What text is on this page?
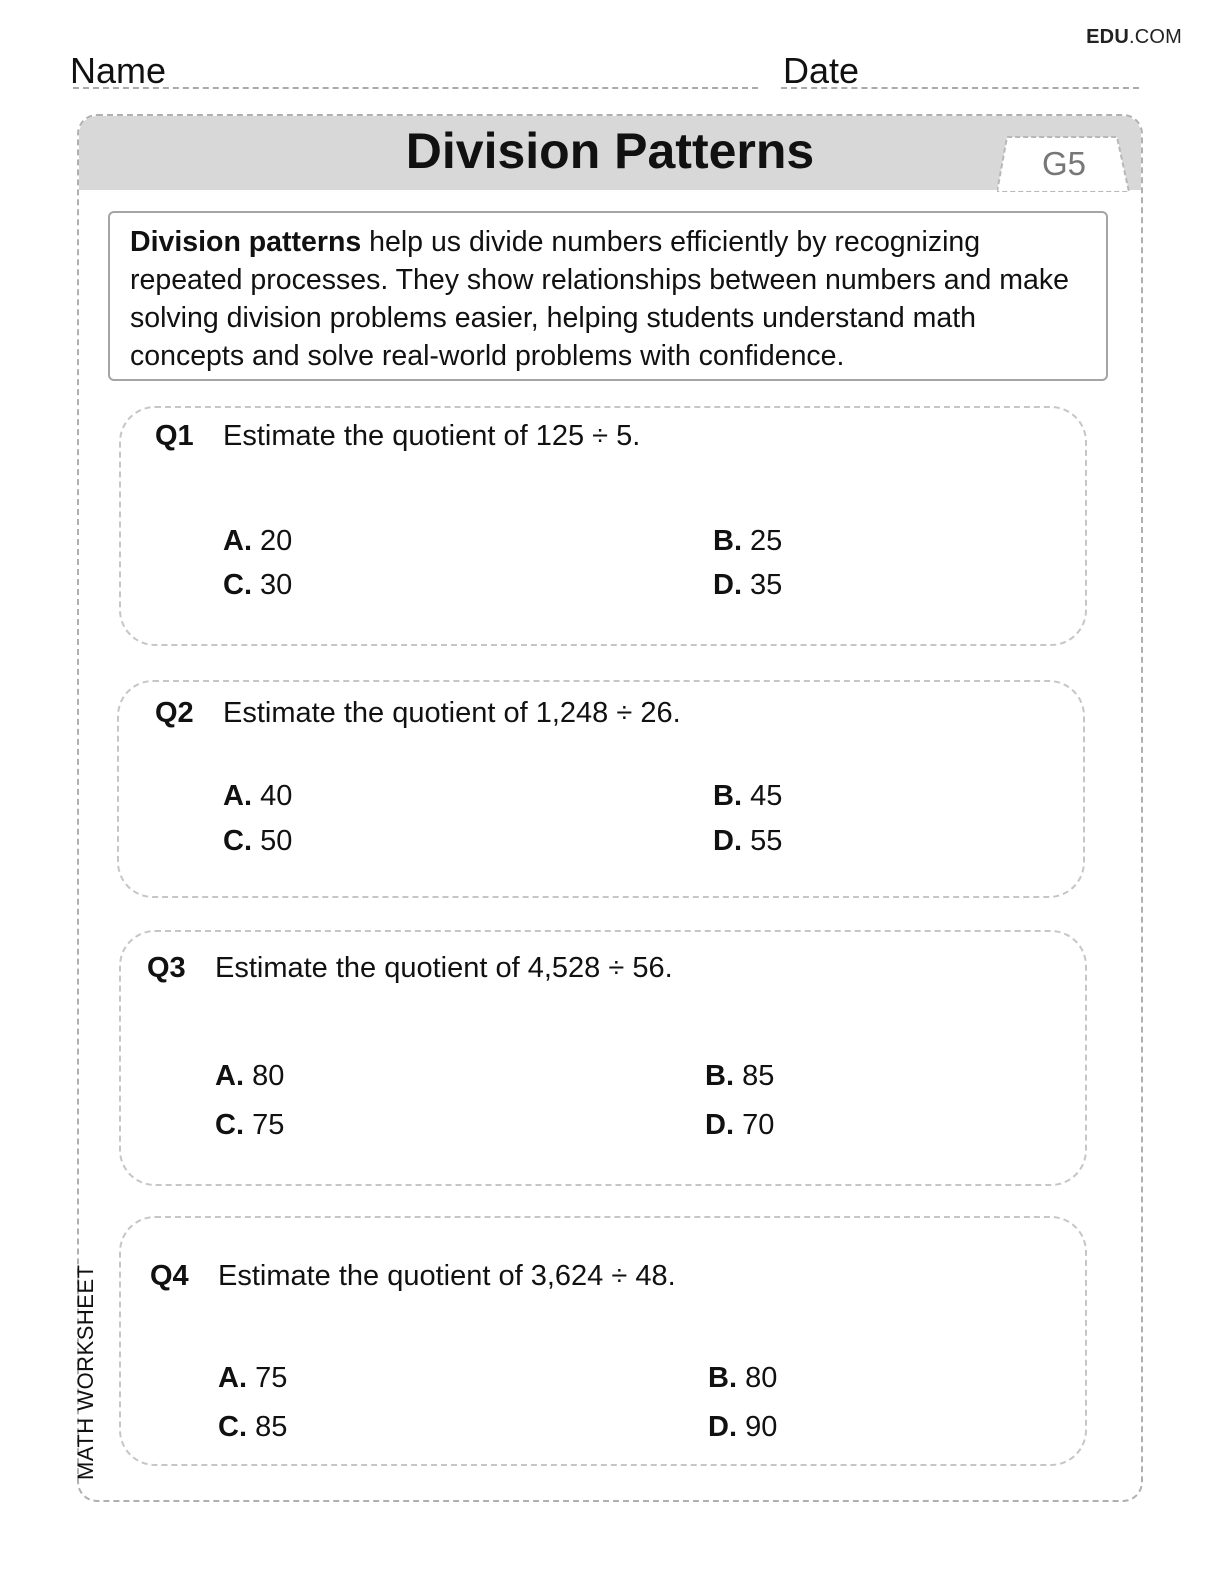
EDU.COM
Name	Date
Division Patterns	G5
Division patterns help us divide numbers efficiently by recognizing repeated processes. They show relationships between numbers and make solving division problems easier, helping students understand math concepts and solve real-world problems with confidence.
Q1 Estimate the quotient of 125 ÷ 5.
A. 20	B. 25
C. 30	D. 35
Q2 Estimate the quotient of 1,248 ÷ 26.
A. 40	B. 45
C. 50	D. 55
Q3 Estimate the quotient of 4,528 ÷ 56.
A. 80	B. 85
C. 75	D. 70
Q4 Estimate the quotient of 3,624 ÷ 48.
A. 75	B. 80
C. 85	D. 90
MATH WORKSHEET
